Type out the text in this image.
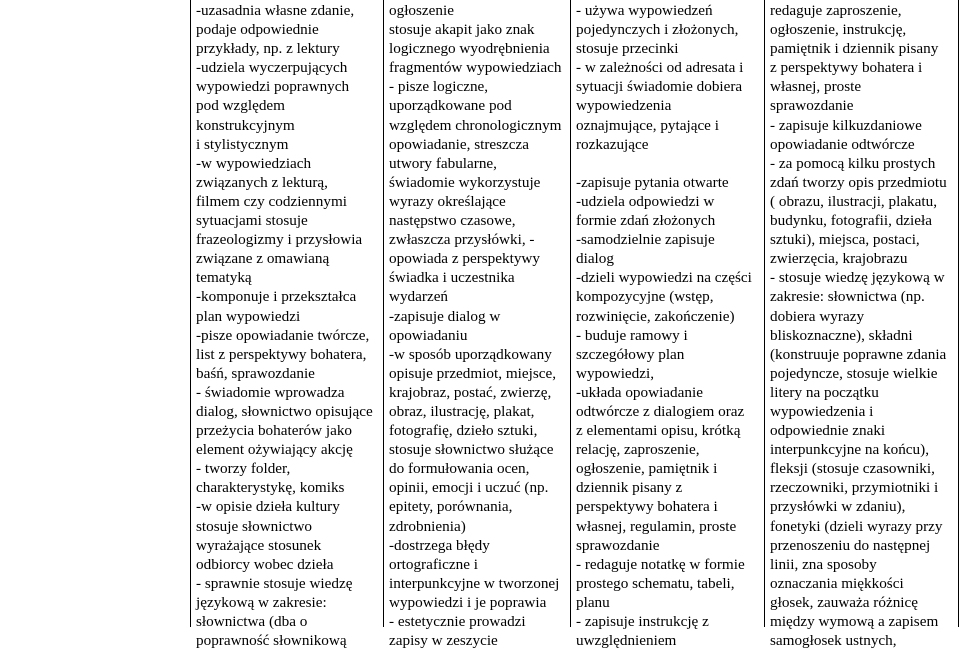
-uzasadnia własne zdanie,
podaje odpowiednie
przykłady, np. z lektury
-udziela wyczerpujących
wypowiedzi poprawnych
pod względem
konstrukcyjnym
i stylistycznym
-w wypowiedziach
związanych z lekturą,
filmem czy codziennymi
sytuacjami stosuje
frazeologizmy i przysłowia
związane z omawianą
tematyką
-komponuje i przekształca
plan wypowiedzi
-pisze opowiadanie twórcze,
list z perspektywy bohatera,
baśń, sprawozdanie
- świadomie wprowadza
dialog, słownictwo opisujące
przeżycia bohaterów jako
element ożywiający akcję
- tworzy folder,
charakterystykę, komiks
-w opisie dzieła kultury
stosuje słownictwo
wyrażające stosunek
odbiorcy wobec dzieła
- sprawnie stosuje wiedzę
językową w zakresie:
słownictwa (dba o
poprawność słownikową
ogłoszenie
stosuje akapit jako znak
logicznego wyodrębnienia
fragmentów wypowiedziach
- pisze logiczne,
uporządkowane pod
względem chronologicznym
opowiadanie, streszcza
utwory fabularne,
świadomie wykorzystuje
wyrazy określające
następstwo czasowe,
zwłaszcza przysłówki, -
opowiada z perspektywy
świadka i uczestnika
wydarzeń
-zapisuje dialog w
opowiadaniu
-w sposób uporządkowany
opisuje przedmiot, miejsce,
krajobraz, postać, zwierzę,
obraz, ilustrację, plakat,
fotografię, dzieło sztuki,
stosuje słownictwo służące
do formułowania ocen,
opinii, emocji i uczuć (np.
epitety, porównania,
zdrobnienia)
-dostrzega błędy
ortograficzne i
interpunkcyjne w tworzonej
wypowiedzi i je poprawia
- estetycznie prowadzi
zapisy w zeszycie
- używa wypowiedzeń
pojedynczych i złożonych,
stosuje przecinki
- w zależności od adresata i
sytuacji świadomie dobiera
wypowiedzenia
oznajmujące, pytające i
rozkazujące

-zapisuje pytania otwarte
-udziela odpowiedzi w
formie zdań złożonych
-samodzielnie zapisuje
dialog
-dzieli wypowiedzi na części
kompozycyjne (wstęp,
rozwinięcie, zakończenie)
- buduje ramowy i
szczegółowy plan
wypowiedzi,
-układa opowiadanie
odtwórcze z dialogiem oraz
z elementami opisu, krótką
relację, zaproszenie,
ogłoszenie, pamiętnik i
dziennik pisany z
perspektywy bohatera i
własnej, regulamin, proste
sprawozdanie
- redaguje notatkę w formie
prostego schematu, tabeli,
planu
- zapisuje instrukcję z
uwzględnieniem
redaguje zaproszenie,
ogłoszenie, instrukcję,
pamiętnik i dziennik pisany
z perspektywy bohatera i
własnej, proste
sprawozdanie
- zapisuje kilkuzdaniowe
opowiadanie odtwórcze
- za pomocą kilku prostych
zdań tworzy opis przedmiotu
( obrazu, ilustracji, plakatu,
budynku, fotografii, dzieła
sztuki), miejsca, postaci,
zwierzęcia, krajobrazu
- stosuje wiedzę językową w
zakresie: słownictwa (np.
dobiera wyrazy
bliskoznaczne), składni
(konstruuje poprawne zdania
pojedyncze, stosuje wielkie
litery na początku
wypowiedzenia i
odpowiednie znaki
interpunkcyjne na końcu),
fleksji (stosuje czasowniki,
rzeczowniki, przymiotniki i
przysłówki w zdaniu),
fonetyki (dzieli wyrazy przy
przenoszeniu do następnej
linii, zna sposoby
oznaczania miękkości
głosek, zauważa różnicę
między wymową a zapisem
samogłosek ustnych,
